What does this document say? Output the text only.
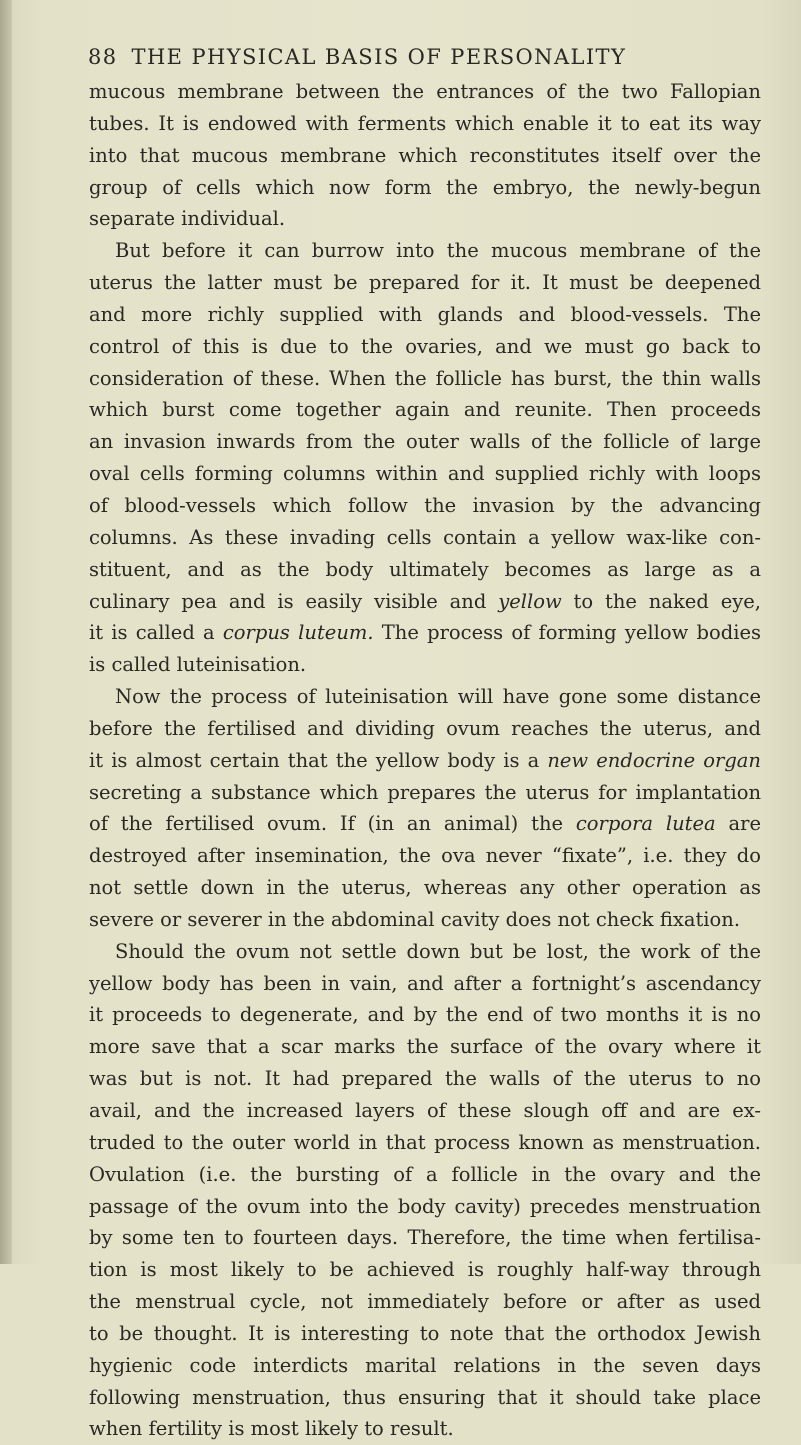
88 THE PHYSICAL BASIS OF PERSONALITY
mucous membrane between the entrances of the two Fallopian
tubes. It is endowed with ferments which enable it to eat its way
into that mucous membrane which reconstitutes itself over the
group of cells which now form the embryo, the newly-begun
separate individual.
But before it can burrow into the mucous membrane of the
uterus the latter must be prepared for it. It must be deepened
and more richly supplied with glands and blood-vessels. The
control of this is due to the ovaries, and we must go back to
consideration of these. When the follicle has burst, the thin walls
which burst come together again and reunite. Then proceeds
an invasion inwards from the outer walls of the follicle of large
oval cells forming columns within and supplied richly with loops
of blood-vessels which follow the invasion by the advancing
columns. As these invading cells contain a yellow wax-like con-
stituent, and as the body ultimately becomes as large as a
culinary pea and is easily visible and yellow to the naked eye,
it is called a corpus luteum. The process of forming yellow bodies
is called luteinisation.
Now the process of luteinisation will have gone some distance
before the fertilised and dividing ovum reaches the uterus, and
it is almost certain that the yellow body is a new endocrine organ
secreting a substance which prepares the uterus for implantation
of the fertilised ovum. If (in an animal) the corpora lutea are
destroyed after insemination, the ova never “fixate”, i.e. they do
not settle down in the uterus, whereas any other operation as
severe or severer in the abdominal cavity does not check fixation.
Should the ovum not settle down but be lost, the work of the
yellow body has been in vain, and after a fortnight’s ascendancy
it proceeds to degenerate, and by the end of two months it is no
more save that a scar marks the surface of the ovary where it
was but is not. It had prepared the walls of the uterus to no
avail, and the increased layers of these slough off and are ex-
truded to the outer world in that process known as menstruation.
Ovulation (i.e. the bursting of a follicle in the ovary and the
passage of the ovum into the body cavity) precedes menstruation
by some ten to fourteen days. Therefore, the time when fertilisa-
tion is most likely to be achieved is roughly half-way through
the menstrual cycle, not immediately before or after as used
to be thought. It is interesting to note that the orthodox Jewish
hygienic code interdicts marital relations in the seven days
following menstruation, thus ensuring that it should take place
when fertility is most likely to result.
